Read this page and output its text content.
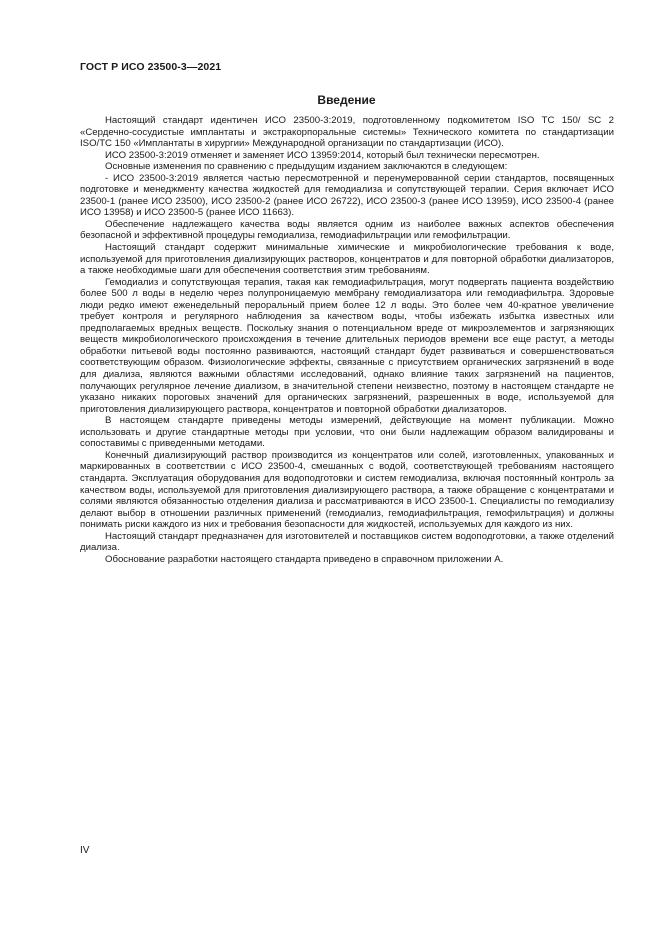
ГОСТ Р ИСО 23500-3—2021
Введение

Настоящий стандарт идентичен ИСО 23500-3:2019, подготовленному подкомитетом ISO TC 150/ SC 2 «Сердечно-сосудистые имплантаты и экстракорпоральные системы» Технического комитета по стандартизации ISO/TC 150 «Имплантаты в хирургии» Международной организации по стандартизации (ИСО).

ИСО 23500-3:2019 отменяет и заменяет ИСО 13959:2014, который был технически пересмотрен.

Основные изменения по сравнению с предыдущим изданием заключаются в следующем:

- ИСО 23500-3:2019 является частью пересмотренной и перенумерованной серии стандартов, посвященных подготовке и менеджменту качества жидкостей для гемодиализа и сопутствующей терапии. Серия включает ИСО 23500-1 (ранее ИСО 23500), ИСО 23500-2 (ранее ИСО 26722), ИСО 23500-3 (ранее ИСО 13959), ИСО 23500-4 (ранее ИСО 13958) и ИСО 23500-5 (ранее ИСО 11663).

Обеспечение надлежащего качества воды является одним из наиболее важных аспектов обеспечения безопасной и эффективной процедуры гемодиализа, гемодиафильтрации или гемофильтрации.

Настоящий стандарт содержит минимальные химические и микробиологические требования к воде, используемой для приготовления диализирующих растворов, концентратов и для повторной обработки диализаторов, а также необходимые шаги для обеспечения соответствия этим требованиям.

Гемодиализ и сопутствующая терапия, такая как гемодиафильтрация, могут подвергать пациента воздействию более 500 л воды в неделю через полупроницаемую мембрану гемодиализатора или гемодиафильтра. Здоровые люди редко имеют еженедельный пероральный прием более 12 л воды. Это более чем 40-кратное увеличение требует контроля и регулярного наблюдения за качеством воды, чтобы избежать избытка известных или предполагаемых вредных веществ. Поскольку знания о потенциальном вреде от микроэлементов и загрязняющих веществ микробиологического происхождения в течение длительных периодов времени все еще растут, а методы обработки питьевой воды постоянно развиваются, настоящий стандарт будет развиваться и совершенствоваться соответствующим образом. Физиологические эффекты, связанные с присутствием органических загрязнений в воде для диализа, являются важными областями исследований, однако влияние таких загрязнений на пациентов, получающих регулярное лечение диализом, в значительной степени неизвестно, поэтому в настоящем стандарте не указано никаких пороговых значений для органических загрязнений, разрешенных в воде, используемой для приготовления диализирующего раствора, концентратов и повторной обработки диализаторов.

В настоящем стандарте приведены методы измерений, действующие на момент публикации. Можно использовать и другие стандартные методы при условии, что они были надлежащим образом валидированы и сопоставимы с приведенными методами.

Конечный диализирующий раствор производится из концентратов или солей, изготовленных, упакованных и маркированных в соответствии с ИСО 23500-4, смешанных с водой, соответствующей требованиям настоящего стандарта. Эксплуатация оборудования для водоподготовки и систем гемодиализа, включая постоянный контроль за качеством воды, используемой для приготовления диализирующего раствора, а также обращение с концентратами и солями являются обязанностью отделения диализа и рассматриваются в ИСО 23500-1. Специалисты по гемодиализу делают выбор в отношении различных применений (гемодиализ, гемодиафильтрация, гемофильтрация) и должны понимать риски каждого из них и требования безопасности для жидкостей, используемых для каждого из них.

Настоящий стандарт предназначен для изготовителей и поставщиков систем водоподготовки, а также отделений диализа.

Обоснование разработки настоящего стандарта приведено в справочном приложении А.

IV
